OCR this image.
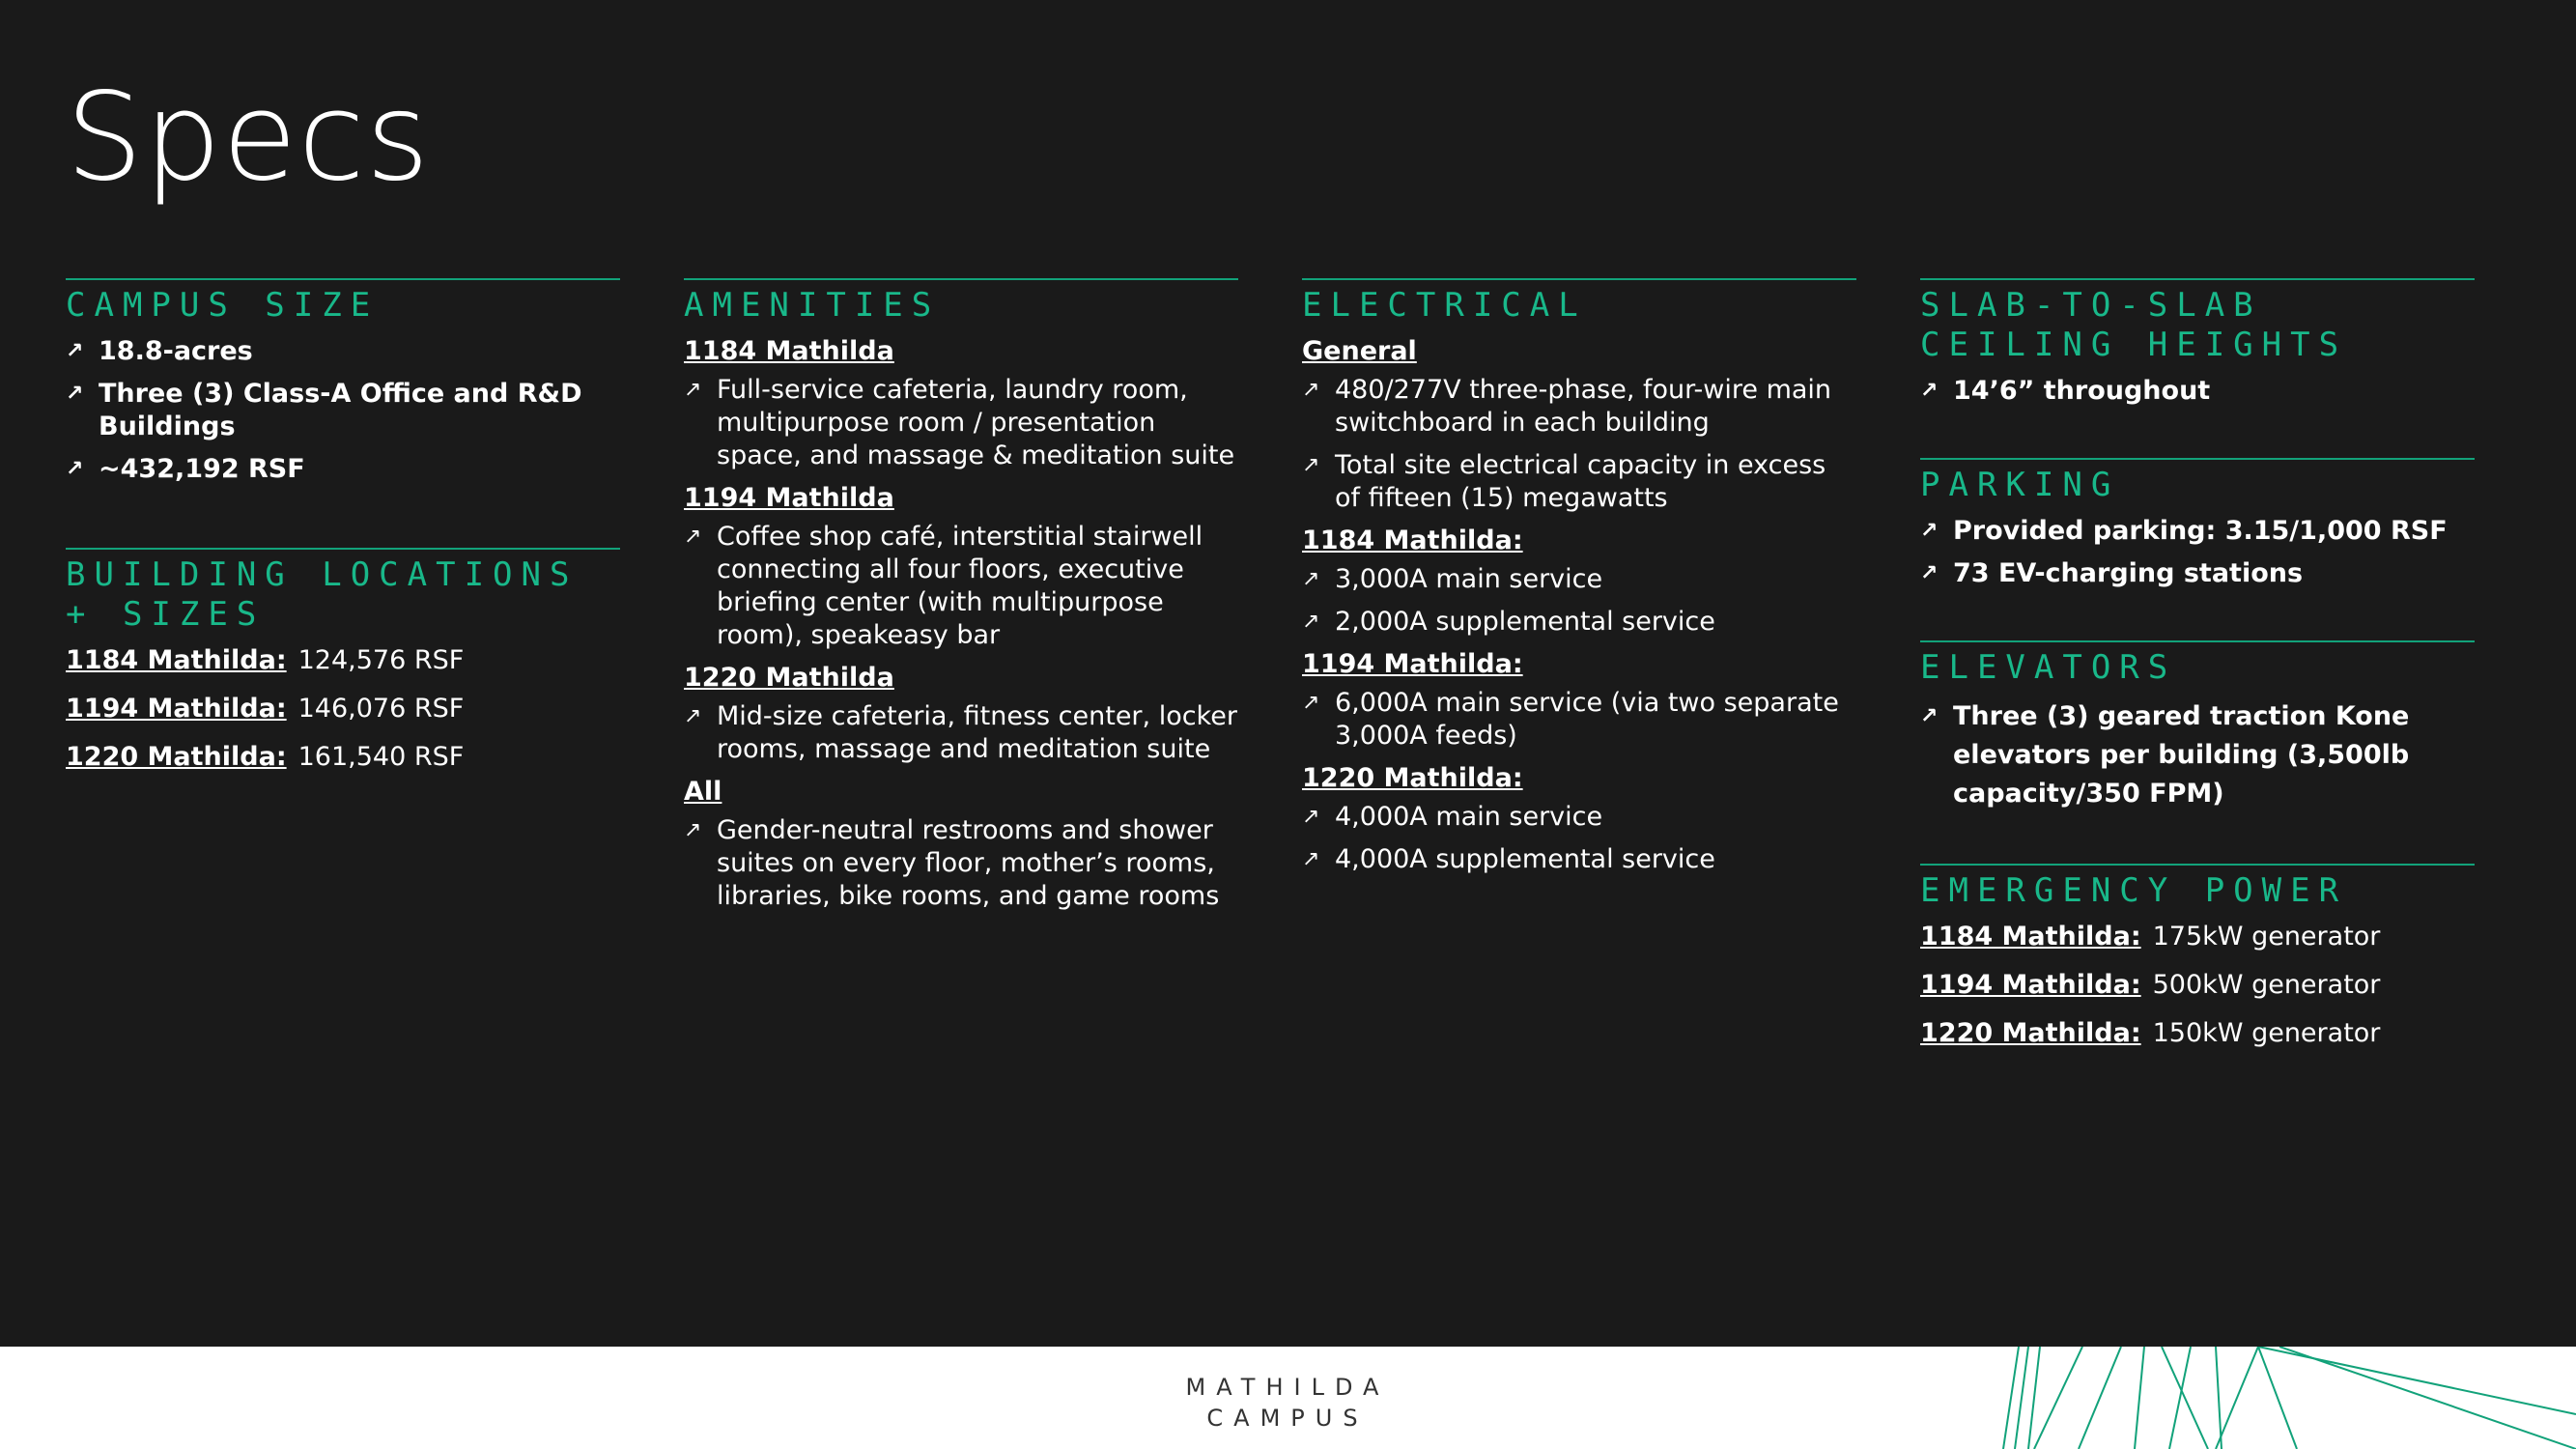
Specs
CAMPUS SIZE
↗ 18.8-acres
↗ Three (3) Class-A Office and R&D Buildings
↗ ~432,192 RSF
BUILDING LOCATIONS + SIZES
1184 Mathilda: 124,576 RSF
1194 Mathilda: 146,076 RSF
1220 Mathilda: 161,540 RSF
AMENITIES
1184 Mathilda
↗ Full-service cafeteria, laundry room, multipurpose room / presentation space, and massage & meditation suite
1194 Mathilda
↗ Coffee shop café, interstitial stairwell connecting all four floors, executive briefing center (with multipurpose room), speakeasy bar
1220 Mathilda
↗ Mid-size cafeteria, fitness center, locker rooms, massage and meditation suite
All
↗ Gender-neutral restrooms and shower suites on every floor, mother’s rooms, libraries, bike rooms, and game rooms
ELECTRICAL
General
↗ 480/277V three-phase, four-wire main switchboard in each building
↗ Total site electrical capacity in excess of fifteen (15) megawatts
1184 Mathilda:
↗ 3,000A main service
↗ 2,000A supplemental service
1194 Mathilda:
↗ 6,000A main service (via two separate 3,000A feeds)
1220 Mathilda:
↗ 4,000A main service
↗ 4,000A supplemental service
SLAB-TO-SLAB CEILING HEIGHTS
↗ 14’6” throughout
PARKING
↗ Provided parking: 3.15/1,000 RSF
↗ 73 EV-charging stations
ELEVATORS
↗ Three (3) geared traction Kone elevators per building (3,500lb capacity/350 FPM)
EMERGENCY POWER
1184 Mathilda: 175kW generator
1194 Mathilda: 500kW generator
1220 Mathilda: 150kW generator
MATHILDA
CAMPUS
